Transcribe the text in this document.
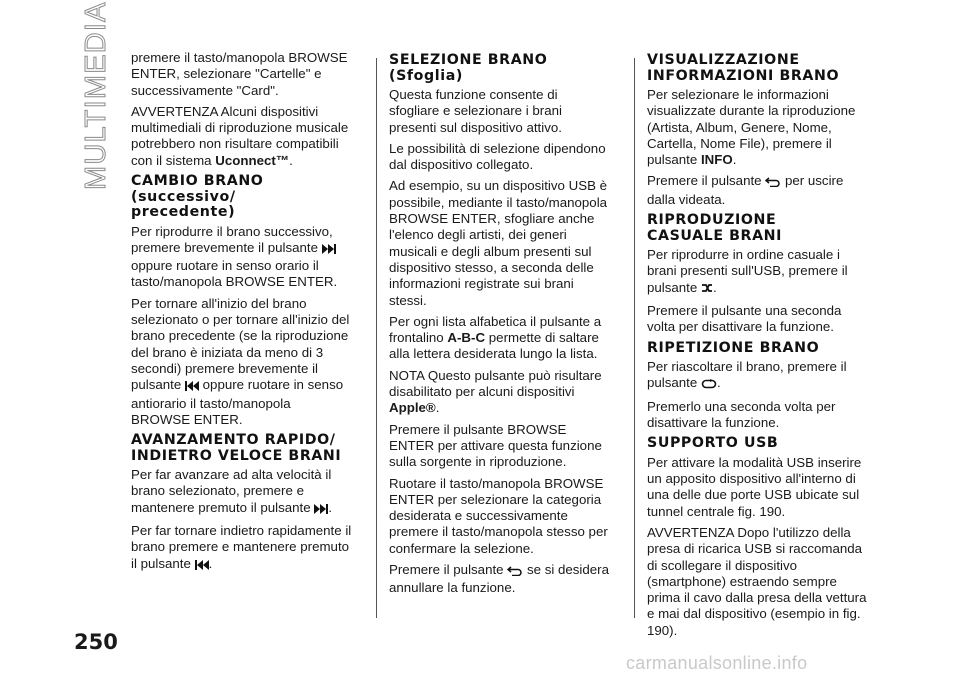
MULTIMEDIA premere il tasto/manopola BROWSE ENTER, selezionare "Cartelle" e successivamente "Card".

AVVERTENZA Alcuni dispositivi multimediali di riproduzione musicale potrebbero non risultare compatibili con il sistema Uconnect™.

CAMBIO BRANO
(successivo/
precedente)

Per riprodurre il brano successivo, premere brevemente il pulsante  oppure ruotare in senso orario il tasto/manopola BROWSE ENTER.

Per tornare all'inizio del brano selezionato o per tornare all'inizio del brano precedente (se la riproduzione del brano è iniziata da meno di 3 secondi) premere brevemente il pulsante  oppure ruotare in senso antiorario il tasto/manopola BROWSE ENTER.

AVANZAMENTO RAPIDO/
INDIETRO VELOCE BRANI

Per far avanzare ad alta velocità il brano selezionato, premere e mantenere premuto il pulsante .

Per far tornare indietro rapidamente il brano premere e mantenere premuto il pulsante .

SELEZIONE BRANO
(Sfoglia)

Questa funzione consente di sfogliare e selezionare i brani presenti sul dispositivo attivo.

Le possibilità di selezione dipendono dal dispositivo collegato.

Ad esempio, su un dispositivo USB è possibile, mediante il tasto/manopola BROWSE ENTER, sfogliare anche l'elenco degli artisti, dei generi musicali e degli album presenti sul dispositivo stesso, a seconda delle informazioni registrate sui brani stessi.

Per ogni lista alfabetica il pulsante a frontalino A-B-C permette di saltare alla lettera desiderata lungo la lista.

NOTA Questo pulsante può risultare disabilitato per alcuni dispositivi Apple®.

Premere il pulsante BROWSE ENTER per attivare questa funzione sulla sorgente in riproduzione.

Ruotare il tasto/manopola BROWSE ENTER per selezionare la categoria desiderata e successivamente premere il tasto/manopola stesso per confermare la selezione.

Premere il pulsante  se si desidera annullare la funzione.

VISUALIZZAZIONE
INFORMAZIONI BRANO

Per selezionare le informazioni visualizzate durante la riproduzione (Artista, Album, Genere, Nome, Cartella, Nome File), premere il pulsante INFO.

Premere il pulsante  per uscire dalla videata.

RIPRODUZIONE
CASUALE BRANI

Per riprodurre in ordine casuale i brani presenti sull'USB, premere il pulsante .

Premere il pulsante una seconda volta per disattivare la funzione.

RIPETIZIONE BRANO

Per riascoltare il brano, premere il pulsante .

Premerlo una seconda volta per disattivare la funzione.

SUPPORTO USB

Per attivare la modalità USB inserire un apposito dispositivo all'interno di una delle due porte USB ubicate sul tunnel centrale fig. 190.

AVVERTENZA Dopo l'utilizzo della presa di ricarica USB si raccomanda di scollegare il dispositivo (smartphone) estraendo sempre prima il cavo dalla presa della vettura e mai dal dispositivo (esempio in fig. 190).

250
carmanualsonline.info
